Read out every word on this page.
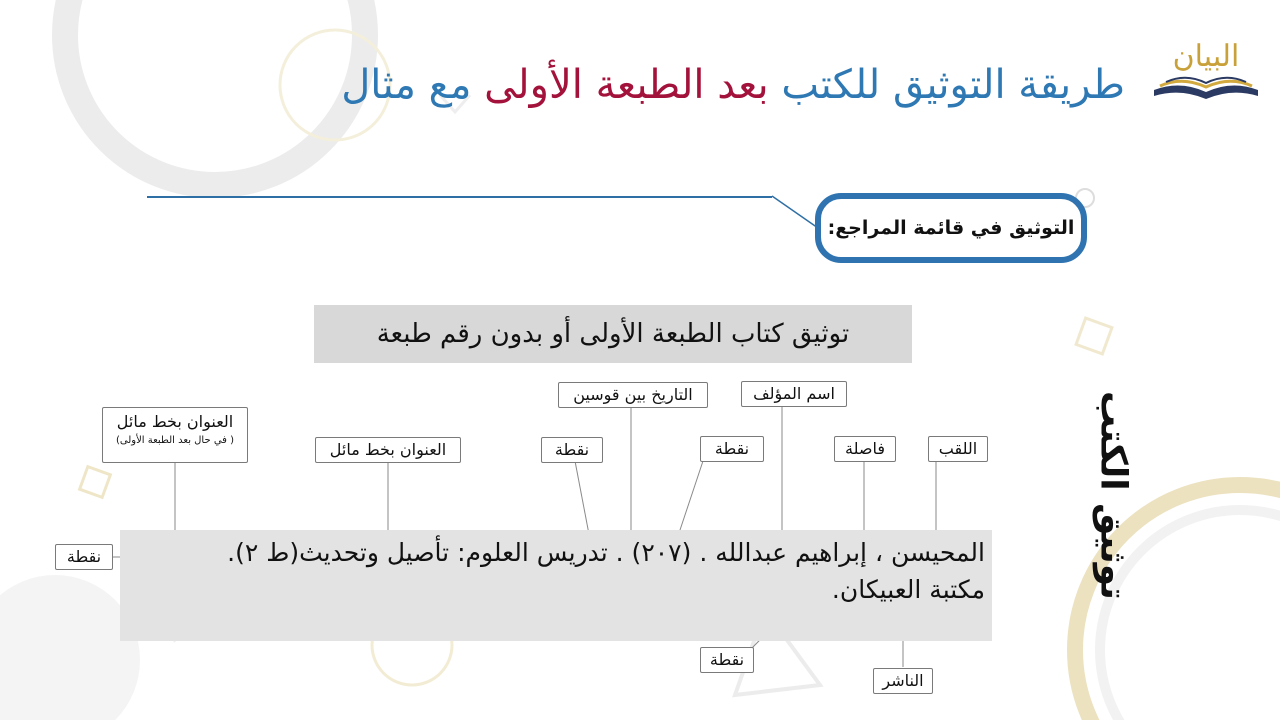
البيان
طريقة التوثيق للكتب بعد الطبعة الأولى مع مثال
التوثيق في قائمة المراجع:
توثيق كتاب الطبعة الأولى أو بدون رقم طبعة
اللقب
فاصلة
اسم المؤلف
نقطة
التاريخ بين قوسين
نقطة
العنوان بخط مائل
العنوان بخط مائل
( في حال بعد الطبعة الأولى)
نقطة
نقطة
الناشر
المحيسن ، إبراهيم عبدالله . (٢٠٧) . تدريس العلوم: تأصيل وتحديث(ط ٢).
مكتبة العبيكان.	توثيق الكتب
